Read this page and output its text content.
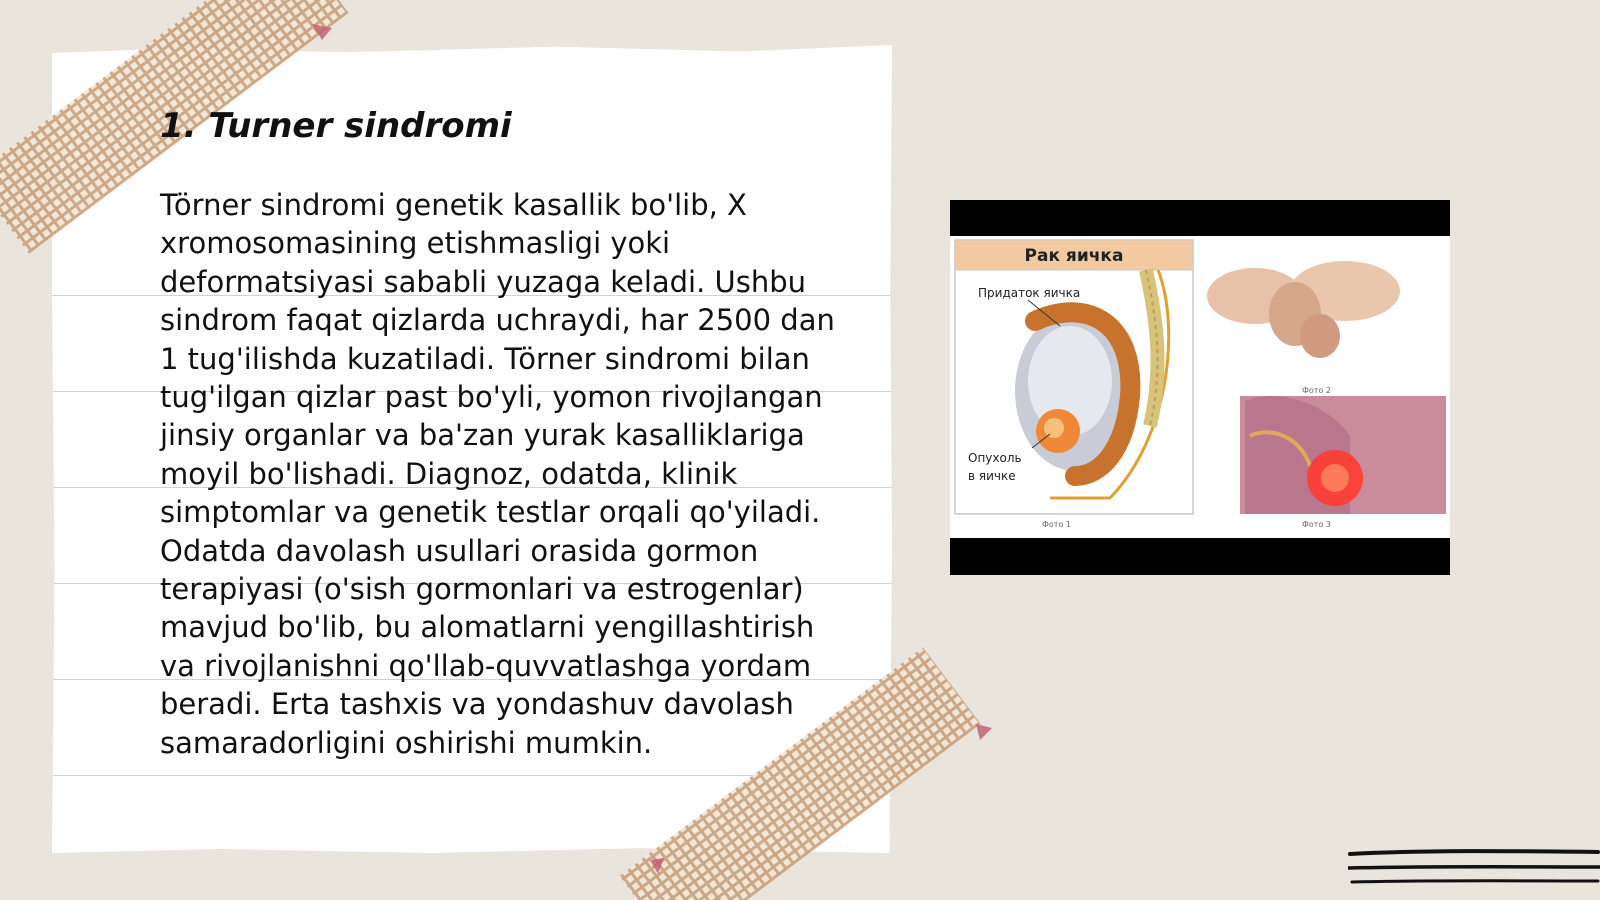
1. Turner sindromi

Törner sindromi genetik kasallik bo'lib, X xromosomasining etishmasligi yoki deformatsiyasi sababli yuzaga keladi. Ushbu sindrom faqat qizlarda uchraydi, har 2500 dan 1 tug'ilishda kuzatiladi. Törner sindromi bilan tug'ilgan qizlar past bo'yli, yomon rivojlangan jinsiy organlar va ba'zan yurak kasalliklariga moyil bo'lishadi. Diagnoz, odatda, klinik simptomlar va genetik testlar orqali qo'yiladi. Odatda davolash usullari orasida gormon terapiyasi (o'sish gormonlari va estrogenlar) mavjud bo'lib, bu alomatlarni yengillashtirish va rivojlanishni qo'llab-quvvatlashga yordam beradi. Erta tashxis va yondashuv davolash samaradorligini oshirishi mumkin.

Рак яичка
Придаток яичка
Опухоль
в яичке
Фото 1
Фото 2
Фото 3
